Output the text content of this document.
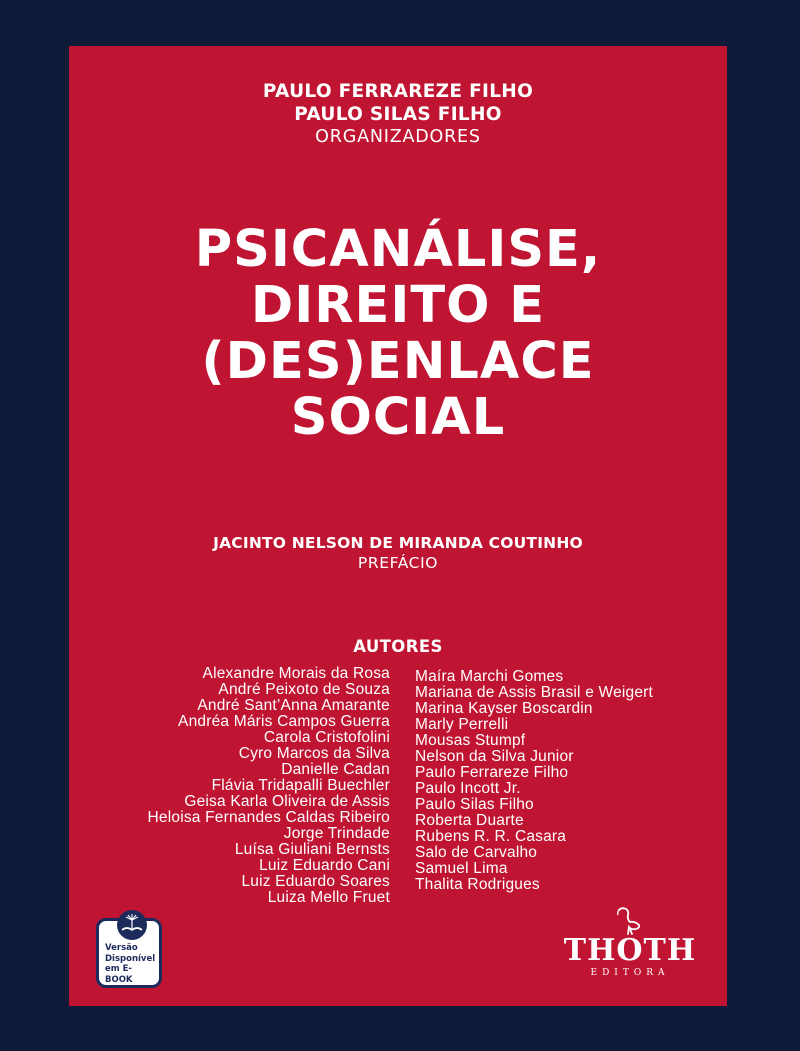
PAULO FERRAREZE FILHO
PAULO SILAS FILHO
ORGANIZADORES
PSICANÁLISE,
DIREITO E
(DES)ENLACE
SOCIAL
JACINTO NELSON DE MIRANDA COUTINHO
PREFÁCIO
AUTORES
Alexandre Morais da Rosa
André Peixoto de Souza
André Sant’Anna Amarante
Andréa Máris Campos Guerra
Carola Cristofolini
Cyro Marcos da Silva
Danielle Cadan
Flávia Tridapalli Buechler
Geisa Karla Oliveira de Assis
Heloisa Fernandes Caldas Ribeiro
Jorge Trindade
Luísa Giuliani Bernsts
Luiz Eduardo Cani
Luiz Eduardo Soares
Luiza Mello Fruet
Maíra Marchi Gomes
Mariana de Assis Brasil e Weigert
Marina Kayser Boscardin
Marly Perrelli
Mousas Stumpf
Nelson da Silva Junior
Paulo Ferrareze Filho
Paulo Incott Jr.
Paulo Silas Filho
Roberta Duarte
Rubens R. R. Casara
Salo de Carvalho
Samuel Lima
Thalita Rodrigues
Versão
Disponível
em E-BOOK
THOTH
EDITORA
